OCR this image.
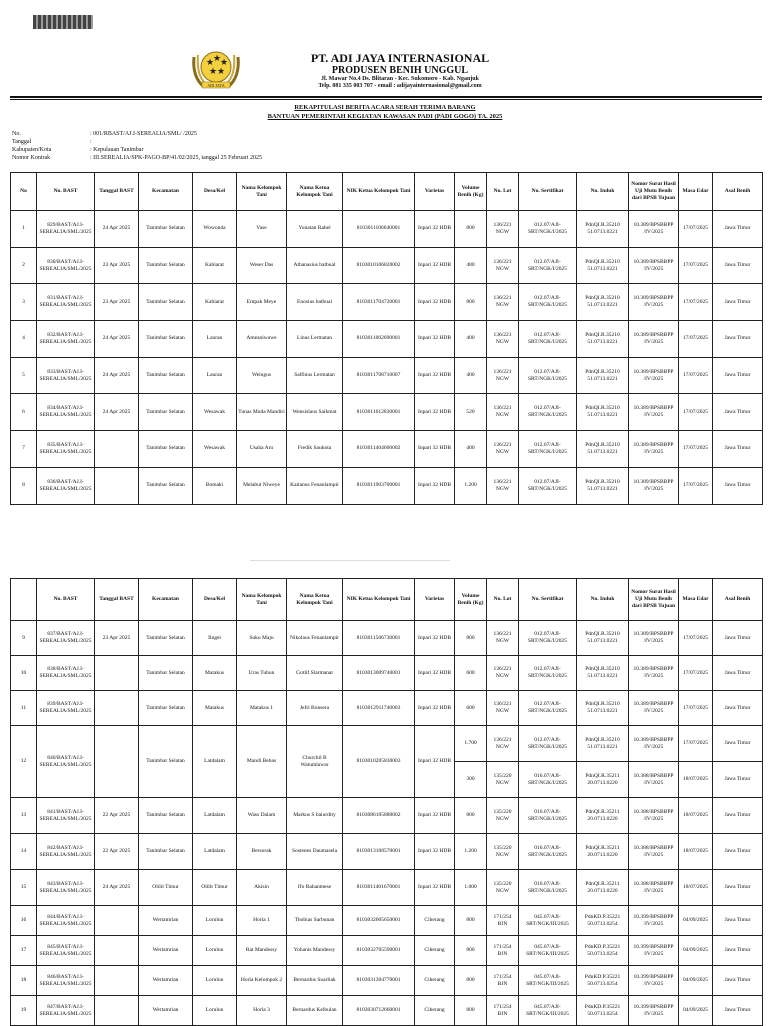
★
★
★
★ ★
ADI JAYA
PT. ADI JAYA INTERNASIONAL
PRODUSEN BENIH UNGGUL
Jl. Mawar No.4 Ds. Blitaran - Kec. Sukomoro - Kab. Nganjuk
Telp. 081 335 003 707 - email : adijayainternasional@gmail.com
REKAPITULASI BERITA ACARA SERAH TERIMA BARANG
BANTUAN PEMERINTAH KEGIATAN KAWASAN PADI (PADI GOGO) TA. 2025
No.	: 001/RBAST/AJ.I-SEREALIA/SML/ /2025
Tanggal	:
Kabupaten/Kota	: Kepulauan Tanimbar
Nomor Kontrak	: III.SEREALIA/SPK-PAGO-BP/41/02/2025, tanggal 25 Februari 2025
No	No. BAST	Tanggal BAST	Kecamatan	Desa/Kel	Nama Kelompok Tani	Nama Ketua Kelompok Tani	NIK Ketua Kelompok Tani	Varietas	Volume Benih (Kg)	No. Lot	No. Sertifikat	No. Induk	Nomor Surat Hasil Uji Mutu Benih dari BPSB Tujuan	Masa Edar	Asal Benih
1	829/BAST/AJ.I-SEREALIA/SML/2025	24 Apr 2025	Tanimbar Selatan	Wowonda	Vase	Yonatan Rahel	8103011106640001	Inpari 32 HDB	800	136/221 NGW	012.07/AJI-SRT/NGK/I/2025	PdnQI.R.35210 51.0713.0221	10.389/BPSBBPP /IV/2025	17/07/2025	Jawa Timur
2	830/BAST/AJ.I-SEREALIA/SML/2025	23 Apr 2025	Tanimbar Selatan	Kabiarat	Weser Das	Athanasius batbual	8103010106820002	Inpari 32 HDB	480	136/221 NGW	012.07/AJI-SRT/NGK/I/2025	PdnQI.R.35210 51.0713.0221	10.389/BPSBBPP /IV/2025	17/07/2025	Jawa Timur
3	831/BAST/AJ.I-SEREALIA/SML/2025	23 Apr 2025	Tanimbar Selatan	Kabiarat	Empak Meye	Enosius batbual	8103011704720001	Inpari 32 HDB	800	136/221 NGW	012.07/AJI-SRT/NGK/I/2025	PdnQI.R.35210 51.0713.0221	10.389/BPSBBPP /IV/2025	17/07/2025	Jawa Timur
4	832/BAST/AJ.I-SEREALIA/SML/2025	24 Apr 2025	Tanimbar Selatan	Lauran	Ameaniwawe	Linus Lermatan	8103011002690001	Inpari 32 HDB	400	136/221 NGW	012.07/AJI-SRT/NGK/I/2025	PdnQI.R.35210 51.0713.0221	10.389/BPSBBPP /IV/2025	17/07/2025	Jawa Timur
5	833/BAST/AJ.I-SEREALIA/SML/2025	24 Apr 2025	Tanimbar Selatan	Lauran	Weingus	Salfinus Lermatan	8103011708710007	Inpari 32 HDB	400	136/221 NGW	012.07/AJI-SRT/NGK/I/2025	PdnQI.R.35210 51.0713.0221	10.389/BPSBBPP /IV/2025	17/07/2025	Jawa Timur
6	834/BAST/AJ.I-SEREALIA/SML/2025	24 Apr 2025	Tanimbar Selatan	Wesawak	Tunas Muda Mandiri	Wensislaus Saikmat	8103011612830001	Inpari 32 HDB	520	136/221 NGW	012.07/AJI-SRT/NGK/I/2025	PdnQI.R.35210 51.0713.0221	10.389/BPSBBPP /IV/2025	17/07/2025	Jawa Timur
7	835/BAST/AJ.I-SEREALIA/SML/2025		Tanimbar Selatan	Wesawak	Usaha Aru	Fredik Saukota	8103011404600002	Inpari 32 HDB	400	136/221 NGW	012.07/AJI-SRT/NGK/I/2025	PdnQI.R.35210 51.0713.0221	10.389/BPSBBPP /IV/2025	17/07/2025	Jawa Timur
8	836/BAST/AJ.I-SEREALIA/SML/2025		Tanimbar Selatan	Bomaki	Melabut Niweye	Kaitanus Fenanlampir	8103011903700001	Inpari 32 HDB	1.200	136/221 NGW	012.07/AJI-SRT/NGK/I/2025	PdnQI.R.35210 51.0713.0221	10.389/BPSBBPP /IV/2025	17/07/2025	Jawa Timur
	No. BAST	Tanggal BAST	Kecamatan	Desa/Kel	Nama Kelompok Tani	Nama Ketua Kelompok Tani	NIK Ketua Kelompok Tani	Varietas	Volume Benih (Kg)	No. Lot	No. Sertifikat	No. Induk	Nomor Surat Hasil Uji Mutu Benih dari BPSB Tujuan	Masa Edar	Asal Benih
9	837/BAST/AJ.I-SEREALIA/SML/2025	23 Apr 2025	Tanimbar Selatan	Ilngei	Suku Maju	Nikolaus Fenanlampir	8103011506730001	Inpari 32 HDB	800	136/221 NGW	012.07/AJI-SRT/NGK/I/2025	PdnQI.R.35210 51.0713.0221	10.389/BPSBBPP /IV/2025	17/07/2025	Jawa Timur
10	838/BAST/AJ.I-SEREALIA/SML/2025		Tanimbar Selatan	Matakus	Uras Tubun	Gotlif Slarmanat	8103013009740001	Inpari 32 HDB	600	136/221 NGW	012.07/AJI-SRT/NGK/I/2025	PdnQI.R.35210 51.0713.0221	10.389/BPSBBPP /IV/2025	17/07/2025	Jawa Timur
11	839/BAST/AJ.I-SEREALIA/SML/2025		Tanimbar Selatan	Matakus	Matakus 1	Jefri Bonsera	8103012911740003	Inpari 32 HDB	600	136/221 NGW	012.07/AJI-SRT/NGK/I/2025	PdnQI.R.35210 51.0713.0221	10.389/BPSBBPP /IV/2025	17/07/2025	Jawa Timur
12	840/BAST/AJ.I-SEREALIA/SML/2025		Tanimbar Selatan	Latdalam	Mandi Bebas	Churchil B Watumlawar	8103010205830003	Inpari 32 HDB	1.700	136/221 NGW	012.07/AJI-SRT/NGK/I/2025	PdnQI.R.35210 51.0713.0221	10.389/BPSBBPP /IV/2025	17/07/2025	Jawa Timur
									300	135/220 NGW	016.07/AJI-SRT/NGK/I/2025	PdnQI.R.35211 20.0713.0220	10.388/BPSBBPP /IV/2025	18/07/2025	Jawa Timur
13	841/BAST/AJ.I-SEREALIA/SML/2025	22 Apr 2025	Tanimbar Selatan	Latdalam	Wass Dalam	Markus S baiurdity	8103086105880002	Inpari 32 HDB	800	135/220 NGW	016.07/AJI-SRT/NGK/I/2025	PdnQI.R.35211 20.0713.0220	10.388/BPSBBPP /IV/2025	18/07/2025	Jawa Timur
14	842/BAST/AJ.I-SEREALIA/SML/2025	22 Apr 2025	Tanimbar Selatan	Latdalam	Bersorak	Sostenes Daumasela	8103013108570001	Inpari 32 HDB	1.200	135/220 NGW	016.07/AJI-SRT/NGK/I/2025	PdnQI.R.35211 20.0713.0220	10.388/BPSBBPP /IV/2025	18/07/2025	Jawa Timur
15	843/BAST/AJ.I-SEREALIA/SML/2025	24 Apr 2025	Olilit Timur	Olilit Timur	Akisin	Ifo Rahanmese	8103011401670001	Inpari 32 HDB	1.000	135/220 NGW	016.07/AJI-SRT/NGK/I/2025	PdnQI.R.35211 20.0713.0220	10.388/BPSBBPP /IV/2025	18/07/2025	Jawa Timur
16	844/BAST/AJ.I-SEREALIA/SML/2025		Wertamrian	Lorulun	Horla 1	Thobias Sarbunan	8103032005650001	Ciherang	800	171/254 BJN	045.07/AJI-SRT/NGK/III/2025	PdnKD.P.35221 50.0713.0254	10.399/BPSBBPP /IV/2025	04/09/2025	Jawa Timur
17	845/BAST/AJ.I-SEREALIA/SML/2025		Wertamrian	Lorulun	Rat Mandessy	Yohanis Mandessy	8103032705590001	Ciherang	800	171/254 BJN	045.07/AJI-SRT/NGK/III/2025	PdnKD.P.35221 50.0713.0254	10.399/BPSBBPP /IV/2025	04/09/2025	Jawa Timur
18	846/BAST/AJ.I-SEREALIA/SML/2025		Wertamrian	Lorulun	Horla Kelompok 2	Bernardus Suarliak	8103031304770001	Ciherang	800	171/254 BJN	045.07/AJI-SRT/NGK/III/2025	PdnKD.P.35221 50.0713.0254	10.399/BPSBBPP /IV/2025	04/09/2025	Jawa Timur
19	847/BAST/AJ.I-SEREALIA/SML/2025		Wertamrian	Lorulun	Horla 3	Bernardus Kelbulan	8103030712660001	Ciherang	800	171/254 BJN	045.07/AJI-SRT/NGK/III/2025	PdnKD.P.35221 50.0713.0254	10.399/BPSBBPP /IV/2025	04/09/2025	Jawa Timur
